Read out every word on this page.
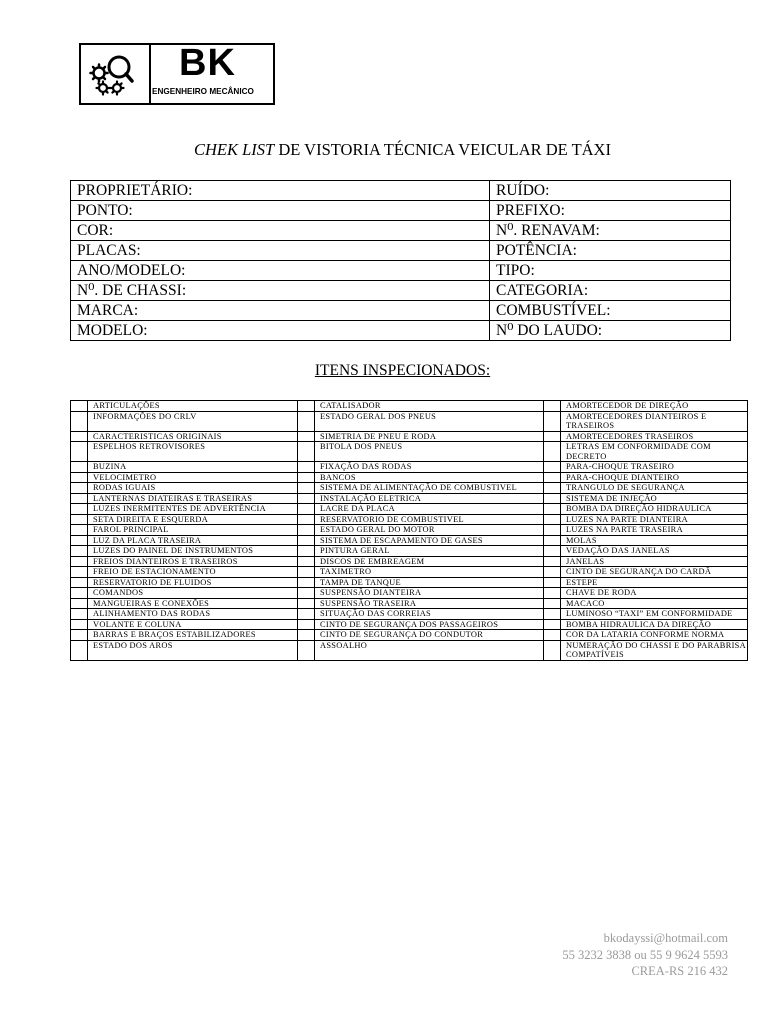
BK
ENGENHEIRO MECÂNICO
CHEK LIST DE VISTORIA TÉCNICA VEICULAR DE TÁXI
PROPRIETÁRIO:	RUÍDO:
PONTO:	PREFIXO:
COR:	N⁰. RENAVAM:
PLACAS:	POTÊNCIA:
ANO/MODELO:	TIPO:
N⁰. DE CHASSI:	CATEGORIA:
MARCA:	COMBUSTÍVEL:
MODELO:	N⁰ DO LAUDO:
ITENS INSPECIONADOS:
	ARTICULAÇÕES		CATALISADOR		AMORTECEDOR DE DIREÇÃO
	INFORMAÇÕES DO CRLV		ESTADO GERAL DOS PNEUS		AMORTECEDORES DIANTEIROS E TRASEIROS
	CARACTERISTICAS ORIGINAIS		SIMETRIA DE PNEU E RODA		AMORTECEDORES TRASEIROS
	ESPELHOS RETROVISORES		BITOLA DOS PNEUS		LETRAS EM CONFORMIDADE COM DECRETO
	BUZINA		FIXAÇÃO DAS RODAS		PARA-CHOQUE TRASEIRO
	VELOCIMETRO		BANCOS		PARA-CHOQUE DIANTEIRO
	RODAS IGUAIS		SISTEMA DE ALIMENTAÇÃO DE COMBUSTIVEL		TRANGULO DE SEGURANÇA
	LANTERNAS DIATEIRAS E TRASEIRAS		INSTALAÇÃO ELETRICA		SISTEMA DE INJEÇÃO
	LUZES INERMITENTES DE ADVERTÊNCIA		LACRE DA PLACA		BOMBA DA DIREÇÃO HIDRAULICA
	SETA DIREITA E ESQUERDA		RESERVATORIO DE COMBUSTIVEL		LUZES NA PARTE DIANTEIRA
	FAROL PRINCIPAL		ESTADO GERAL DO MOTOR		LUZES NA PARTE TRASEIRA
	LUZ DA PLACA TRASEIRA		SISTEMA DE ESCAPAMENTO DE GASES		MOLAS
	LUZES DO PAINEL DE INSTRUMENTOS		PINTURA GERAL		VEDAÇÃO DAS JANELAS
	FREIOS DIANTEIROS E TRASEIROS		DISCOS DE EMBREAGEM		JANELAS
	FREIO DE ESTACIONAMENTO		TAXIMETRO		CINTO DE SEGURANÇA DO CARDÃ
	RESERVATORIO DE FLUIDOS		TAMPA DE TANQUE		ESTEPE
	COMANDOS		SUSPENSÃO DIANTEIRA		CHAVE DE RODA
	MANGUEIRAS E CONEXÕES		SUSPENSÃO TRASEIRA		MACACO
	ALINHAMENTO DAS RODAS		SITUAÇÃO DAS CORREIAS		LUMINOSO “TAXI” EM CONFORMIDADE
	VOLANTE E COLUNA		CINTO DE SEGURANÇA DOS PASSAGEIROS		BOMBA HIDRAULICA DA DIREÇÃO
	BARRAS E BRAÇOS ESTABILIZADORES		CINTO DE SEGURANÇA DO CONDUTOR		COR DA LATARIA CONFORME NORMA
	ESTADO DOS AROS		ASSOALHO		NUMERAÇÃO DO CHASSI E DO PARABRISA COMPATÍVEIS
bkodayssi@hotmail.com
55 3232 3838 ou 55 9 9624 5593
CREA-RS 216 432
